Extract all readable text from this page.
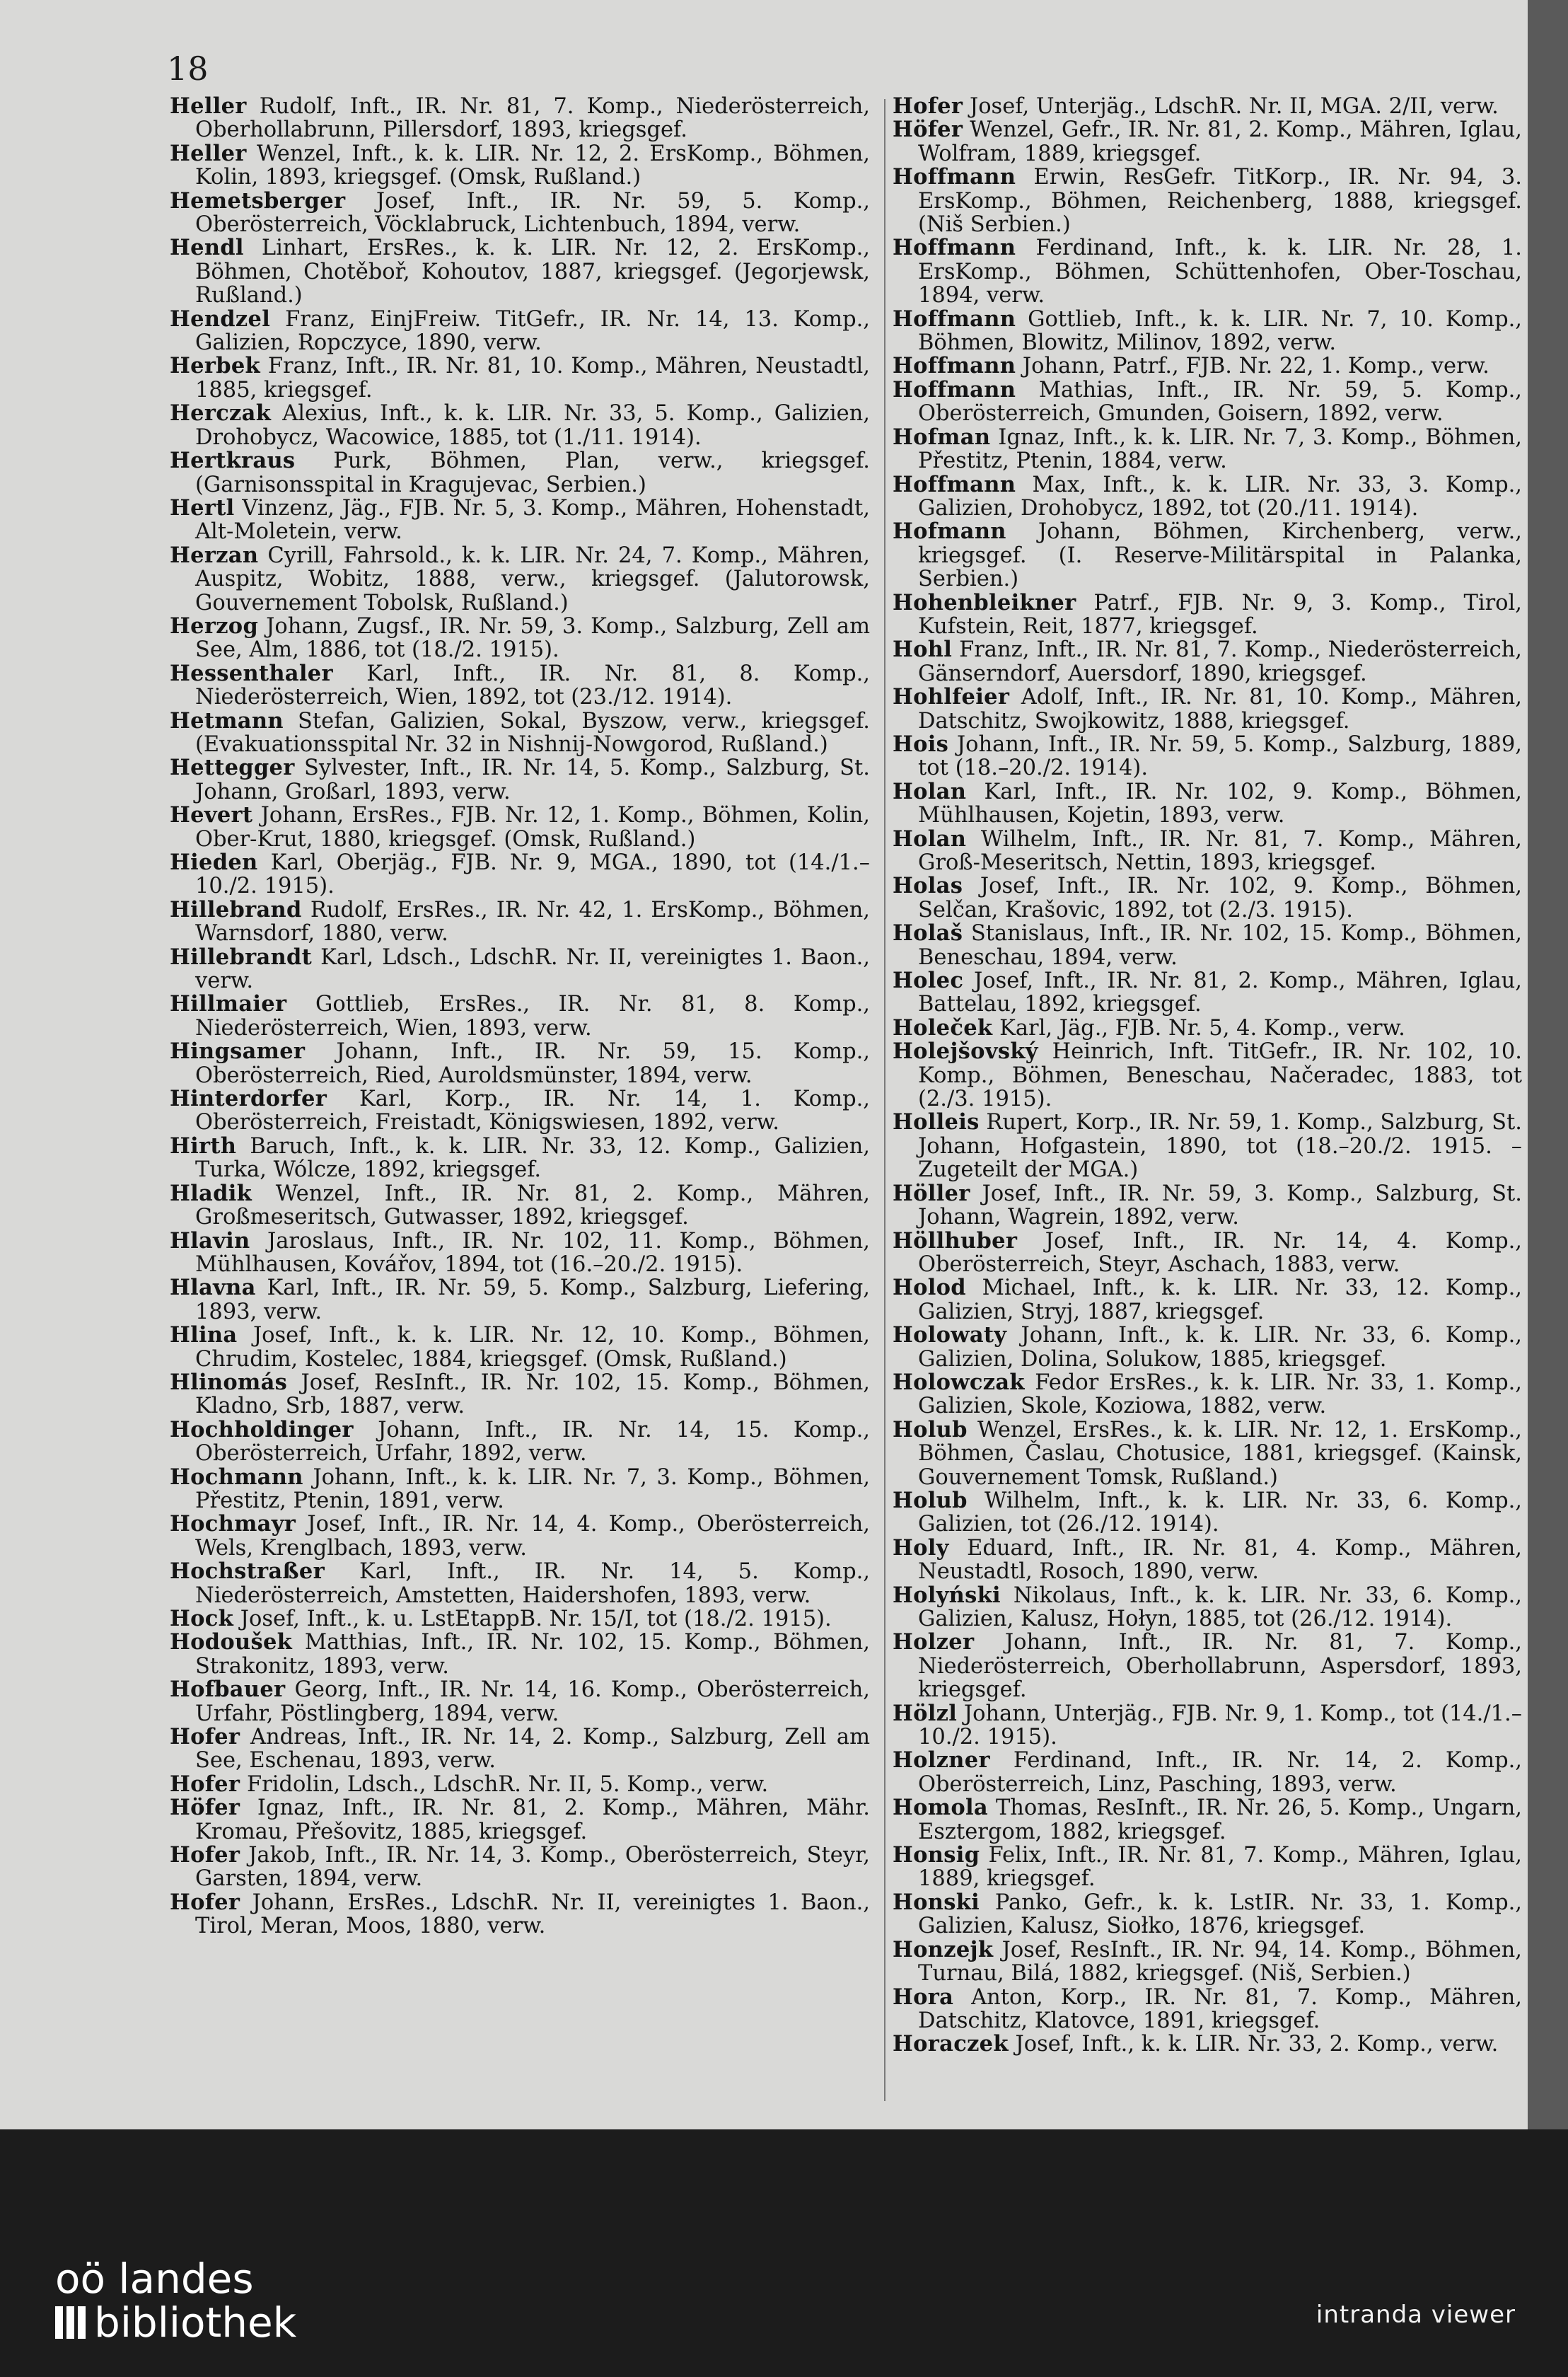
18
Heller Rudolf, Inft., IR. Nr. 81, 7. Komp., Niederösterreich, Oberhollabrunn, Pillersdorf, 1893, kriegsgef.
Heller Wenzel, Inft., k. k. LIR. Nr. 12, 2. ErsKomp., Böhmen, Kolin, 1893, kriegsgef. (Omsk, Rußland.)
Hemetsberger Josef, Inft., IR. Nr. 59, 5. Komp., Oberösterreich, Vöcklabruck, Lichtenbuch, 1894, verw.
Hendl Linhart, ErsRes., k. k. LIR. Nr. 12, 2. ErsKomp., Böhmen, Chotěboř, Kohoutov, 1887, kriegsgef. (Jegorjewsk, Rußland.)
Hendzel Franz, EinjFreiw. TitGefr., IR. Nr. 14, 13. Komp., Galizien, Ropczyce, 1890, verw.
Herbek Franz, Inft., IR. Nr. 81, 10. Komp., Mähren, Neustadtl, 1885, kriegsgef.
Herczak Alexius, Inft., k. k. LIR. Nr. 33, 5. Komp., Galizien, Drohobycz, Wacowice, 1885, tot (1./11. 1914).
Hertkraus Purk, Böhmen, Plan, verw., kriegsgef. (Garnisonsspital in Kragujevac, Serbien.)
Hertl Vinzenz, Jäg., FJB. Nr. 5, 3. Komp., Mähren, Hohenstadt, Alt-Moletein, verw.
Herzan Cyrill, Fahrsold., k. k. LIR. Nr. 24, 7. Komp., Mähren, Auspitz, Wobitz, 1888, verw., kriegsgef. (Jalutorowsk, Gouvernement Tobolsk, Rußland.)
Herzog Johann, Zugsf., IR. Nr. 59, 3. Komp., Salzburg, Zell am See, Alm, 1886, tot (18./2. 1915).
Hessenthaler Karl, Inft., IR. Nr. 81, 8. Komp., Niederösterreich, Wien, 1892, tot (23./12. 1914).
Hetmann Stefan, Galizien, Sokal, Byszow, verw., kriegsgef. (Evakuationsspital Nr. 32 in Nishnij-Nowgorod, Rußland.)
Hettegger Sylvester, Inft., IR. Nr. 14, 5. Komp., Salzburg, St. Johann, Großarl, 1893, verw.
Hevert Johann, ErsRes., FJB. Nr. 12, 1. Komp., Böhmen, Kolin, Ober-Krut, 1880, kriegsgef. (Omsk, Rußland.)
Hieden Karl, Oberjäg., FJB. Nr. 9, MGA., 1890, tot (14./1.–10./2. 1915).
Hillebrand Rudolf, ErsRes., IR. Nr. 42, 1. ErsKomp., Böhmen, Warnsdorf, 1880, verw.
Hillebrandt Karl, Ldsch., LdschR. Nr. II, vereinigtes 1. Baon., verw.
Hillmaier Gottlieb, ErsRes., IR. Nr. 81, 8. Komp., Niederösterreich, Wien, 1893, verw.
Hingsamer Johann, Inft., IR. Nr. 59, 15. Komp., Oberösterreich, Ried, Auroldsmünster, 1894, verw.
Hinterdorfer Karl, Korp., IR. Nr. 14, 1. Komp., Oberösterreich, Freistadt, Königswiesen, 1892, verw.
Hirth Baruch, Inft., k. k. LIR. Nr. 33, 12. Komp., Galizien, Turka, Wólcze, 1892, kriegsgef.
Hladik Wenzel, Inft., IR. Nr. 81, 2. Komp., Mähren, Großmeseritsch, Gutwasser, 1892, kriegsgef.
Hlavin Jaroslaus, Inft., IR. Nr. 102, 11. Komp., Böhmen, Mühlhausen, Kovářov, 1894, tot (16.–20./2. 1915).
Hlavna Karl, Inft., IR. Nr. 59, 5. Komp., Salzburg, Liefering, 1893, verw.
Hlina Josef, Inft., k. k. LIR. Nr. 12, 10. Komp., Böhmen, Chrudim, Kostelec, 1884, kriegsgef. (Omsk, Rußland.)
Hlinomás Josef, ResInft., IR. Nr. 102, 15. Komp., Böhmen, Kladno, Srb, 1887, verw.
Hochholdinger Johann, Inft., IR. Nr. 14, 15. Komp., Oberösterreich, Urfahr, 1892, verw.
Hochmann Johann, Inft., k. k. LIR. Nr. 7, 3. Komp., Böhmen, Přestitz, Ptenin, 1891, verw.
Hochmayr Josef, Inft., IR. Nr. 14, 4. Komp., Oberösterreich, Wels, Krenglbach, 1893, verw.
Hochstraßer Karl, Inft., IR. Nr. 14, 5. Komp., Niederösterreich, Amstetten, Haidershofen, 1893, verw.
Hock Josef, Inft., k. u. LstEtappB. Nr. 15/I, tot (18./2. 1915).
Hodoušek Matthias, Inft., IR. Nr. 102, 15. Komp., Böhmen, Strakonitz, 1893, verw.
Hofbauer Georg, Inft., IR. Nr. 14, 16. Komp., Oberösterreich, Urfahr, Pöstlingberg, 1894, verw.
Hofer Andreas, Inft., IR. Nr. 14, 2. Komp., Salzburg, Zell am See, Eschenau, 1893, verw.
Hofer Fridolin, Ldsch., LdschR. Nr. II, 5. Komp., verw.
Höfer Ignaz, Inft., IR. Nr. 81, 2. Komp., Mähren, Mähr. Kromau, Přešovitz, 1885, kriegsgef.
Hofer Jakob, Inft., IR. Nr. 14, 3. Komp., Oberösterreich, Steyr, Garsten, 1894, verw.
Hofer Johann, ErsRes., LdschR. Nr. II, vereinigtes 1. Baon., Tirol, Meran, Moos, 1880, verw.
Hofer Josef, Unterjäg., LdschR. Nr. II, MGA. 2/II, verw.
Höfer Wenzel, Gefr., IR. Nr. 81, 2. Komp., Mähren, Iglau, Wolfram, 1889, kriegsgef.
Hoffmann Erwin, ResGefr. TitKorp., IR. Nr. 94, 3. ErsKomp., Böhmen, Reichenberg, 1888, kriegsgef. (Niš Serbien.)
Hoffmann Ferdinand, Inft., k. k. LIR. Nr. 28, 1. ErsKomp., Böhmen, Schüttenhofen, Ober-Toschau, 1894, verw.
Hoffmann Gottlieb, Inft., k. k. LIR. Nr. 7, 10. Komp., Böhmen, Blowitz, Milinov, 1892, verw.
Hoffmann Johann, Patrf., FJB. Nr. 22, 1. Komp., verw.
Hoffmann Mathias, Inft., IR. Nr. 59, 5. Komp., Oberösterreich, Gmunden, Goisern, 1892, verw.
Hofman Ignaz, Inft., k. k. LIR. Nr. 7, 3. Komp., Böhmen, Přestitz, Ptenin, 1884, verw.
Hoffmann Max, Inft., k. k. LIR. Nr. 33, 3. Komp., Galizien, Drohobycz, 1892, tot (20./11. 1914).
Hofmann Johann, Böhmen, Kirchenberg, verw., kriegsgef. (I. Reserve-Militärspital in Palanka, Serbien.)
Hohenbleikner Patrf., FJB. Nr. 9, 3. Komp., Tirol, Kufstein, Reit, 1877, kriegsgef.
Hohl Franz, Inft., IR. Nr. 81, 7. Komp., Niederösterreich, Gänserndorf, Auersdorf, 1890, kriegsgef.
Hohlfeier Adolf, Inft., IR. Nr. 81, 10. Komp., Mähren, Datschitz, Swojkowitz, 1888, kriegsgef.
Hois Johann, Inft., IR. Nr. 59, 5. Komp., Salzburg, 1889, tot (18.–20./2. 1914).
Holan Karl, Inft., IR. Nr. 102, 9. Komp., Böhmen, Mühlhausen, Kojetin, 1893, verw.
Holan Wilhelm, Inft., IR. Nr. 81, 7. Komp., Mähren, Groß-Meseritsch, Nettin, 1893, kriegsgef.
Holas Josef, Inft., IR. Nr. 102, 9. Komp., Böhmen, Selčan, Krašovic, 1892, tot (2./3. 1915).
Holaš Stanislaus, Inft., IR. Nr. 102, 15. Komp., Böhmen, Beneschau, 1894, verw.
Holec Josef, Inft., IR. Nr. 81, 2. Komp., Mähren, Iglau, Battelau, 1892, kriegsgef.
Holeček Karl, Jäg., FJB. Nr. 5, 4. Komp., verw.
Holejšovský Heinrich, Inft. TitGefr., IR. Nr. 102, 10. Komp., Böhmen, Beneschau, Načeradec, 1883, tot (2./3. 1915).
Holleis Rupert, Korp., IR. Nr. 59, 1. Komp., Salzburg, St. Johann, Hofgastein, 1890, tot (18.–20./2. 1915. – Zugeteilt der MGA.)
Höller Josef, Inft., IR. Nr. 59, 3. Komp., Salzburg, St. Johann, Wagrein, 1892, verw.
Höllhuber Josef, Inft., IR. Nr. 14, 4. Komp., Oberösterreich, Steyr, Aschach, 1883, verw.
Holod Michael, Inft., k. k. LIR. Nr. 33, 12. Komp., Galizien, Stryj, 1887, kriegsgef.
Holowaty Johann, Inft., k. k. LIR. Nr. 33, 6. Komp., Galizien, Dolina, Solukow, 1885, kriegsgef.
Holowczak Fedor ErsRes., k. k. LIR. Nr. 33, 1. Komp., Galizien, Skole, Koziowa, 1882, verw.
Holub Wenzel, ErsRes., k. k. LIR. Nr. 12, 1. ErsKomp., Böhmen, Časlau, Chotusice, 1881, kriegsgef. (Kainsk, Gouvernement Tomsk, Rußland.)
Holub Wilhelm, Inft., k. k. LIR. Nr. 33, 6. Komp., Galizien, tot (26./12. 1914).
Holy Eduard, Inft., IR. Nr. 81, 4. Komp., Mähren, Neustadtl, Rosoch, 1890, verw.
Holyński Nikolaus, Inft., k. k. LIR. Nr. 33, 6. Komp., Galizien, Kalusz, Hołyn, 1885, tot (26./12. 1914).
Holzer Johann, Inft., IR. Nr. 81, 7. Komp., Niederösterreich, Oberhollabrunn, Aspersdorf, 1893, kriegsgef.
Hölzl Johann, Unterjäg., FJB. Nr. 9, 1. Komp., tot (14./1.–10./2. 1915).
Holzner Ferdinand, Inft., IR. Nr. 14, 2. Komp., Oberösterreich, Linz, Pasching, 1893, verw.
Homola Thomas, ResInft., IR. Nr. 26, 5. Komp., Ungarn, Esztergom, 1882, kriegsgef.
Honsig Felix, Inft., IR. Nr. 81, 7. Komp., Mähren, Iglau, 1889, kriegsgef.
Honski Panko, Gefr., k. k. LstIR. Nr. 33, 1. Komp., Galizien, Kalusz, Siołko, 1876, kriegsgef.
Honzejk Josef, ResInft., IR. Nr. 94, 14. Komp., Böhmen, Turnau, Bilá, 1882, kriegsgef. (Niš, Serbien.)
Hora Anton, Korp., IR. Nr. 81, 7. Komp., Mähren, Datschitz, Klatovce, 1891, kriegsgef.
Horaczek Josef, Inft., k. k. LIR. Nr. 33, 2. Komp., verw.
oö landes
bibliothek	intranda viewer
